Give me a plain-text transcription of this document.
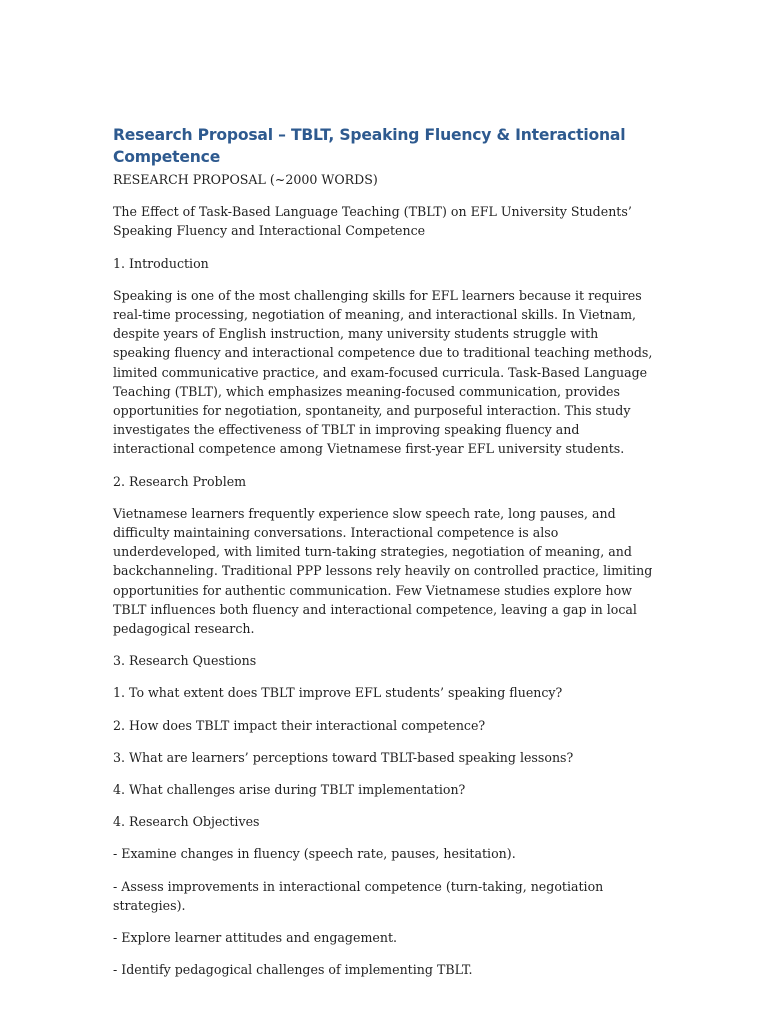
Research Proposal – TBLT, Speaking Fluency & Interactional Competence
RESEARCH PROPOSAL (~2000 WORDS)

The Effect of Task-Based Language Teaching (TBLT) on EFL University Students’ Speaking Fluency and Interactional Competence

1. Introduction

Speaking is one of the most challenging skills for EFL learners because it requires real-time processing, negotiation of meaning, and interactional skills. In Vietnam, despite years of English instruction, many university students struggle with speaking fluency and interactional competence due to traditional teaching methods, limited communicative practice, and exam-focused curricula. Task-Based Language Teaching (TBLT), which emphasizes meaning-focused communication, provides opportunities for negotiation, spontaneity, and purposeful interaction. This study investigates the effectiveness of TBLT in improving speaking fluency and interactional competence among Vietnamese first-year EFL university students.

2. Research Problem

Vietnamese learners frequently experience slow speech rate, long pauses, and difficulty maintaining conversations. Interactional competence is also underdeveloped, with limited turn-taking strategies, negotiation of meaning, and backchanneling. Traditional PPP lessons rely heavily on controlled practice, limiting opportunities for authentic communication. Few Vietnamese studies explore how TBLT influences both fluency and interactional competence, leaving a gap in local pedagogical research.

3. Research Questions

1. To what extent does TBLT improve EFL students’ speaking fluency?

2. How does TBLT impact their interactional competence?

3. What are learners’ perceptions toward TBLT-based speaking lessons?

4. What challenges arise during TBLT implementation?

4. Research Objectives

- Examine changes in fluency (speech rate, pauses, hesitation).

- Assess improvements in interactional competence (turn-taking, negotiation strategies).

- Explore learner attitudes and engagement.

- Identify pedagogical challenges of implementing TBLT.
